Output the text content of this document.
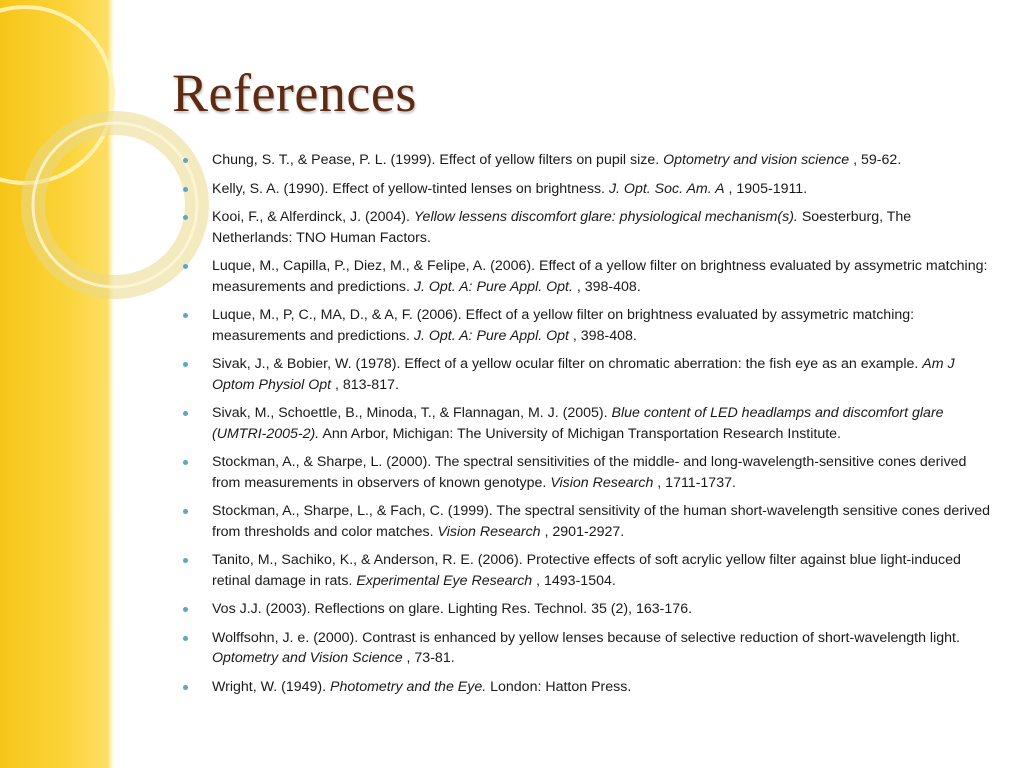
References
Chung, S. T., & Pease, P. L. (1999). Effect of yellow filters on pupil size. Optometry and vision science , 59-62.
Kelly, S. A. (1990). Effect of yellow-tinted lenses on brightness. J. Opt. Soc. Am. A , 1905-1911.
Kooi, F., & Alferdinck, J. (2004). Yellow lessens discomfort glare: physiological mechanism(s). Soesterburg, The Netherlands: TNO Human Factors.
Luque, M., Capilla, P., Diez, M., & Felipe, A. (2006). Effect of a yellow filter on brightness evaluated by assymetric matching: measurements and predictions. J. Opt. A: Pure Appl. Opt. , 398-408.
Luque, M., P, C., MA, D., & A, F. (2006). Effect of a yellow filter on brightness evaluated by assymetric matching: measurements and predictions. J. Opt. A: Pure Appl. Opt , 398-408.
Sivak, J., & Bobier, W. (1978). Effect of a yellow ocular filter on chromatic aberration: the fish eye as an example. Am J Optom Physiol Opt , 813-817.
Sivak, M., Schoettle, B., Minoda, T., & Flannagan, M. J. (2005). Blue content of LED headlamps and discomfort glare (UMTRI-2005-2). Ann Arbor, Michigan: The University of Michigan Transportation Research Institute.
Stockman, A., & Sharpe, L. (2000). The spectral sensitivities of the middle- and long-wavelength-sensitive cones derived from measurements in observers of known genotype. Vision Research , 1711-1737.
Stockman, A., Sharpe, L., & Fach, C. (1999). The spectral sensitivity of the human short-wavelength sensitive cones derived from thresholds and color matches. Vision Research , 2901-2927.
Tanito, M., Sachiko, K., & Anderson, R. E. (2006). Protective effects of soft acrylic yellow filter against blue light-induced retinal damage in rats. Experimental Eye Research , 1493-1504.
Vos J.J. (2003). Reflections on glare. Lighting Res. Technol. 35 (2), 163-176.
Wolffsohn, J. e. (2000). Contrast is enhanced by yellow lenses because of selective reduction of short-wavelength light. Optometry and Vision Science , 73-81.
Wright, W. (1949). Photometry and the Eye. London: Hatton Press.
